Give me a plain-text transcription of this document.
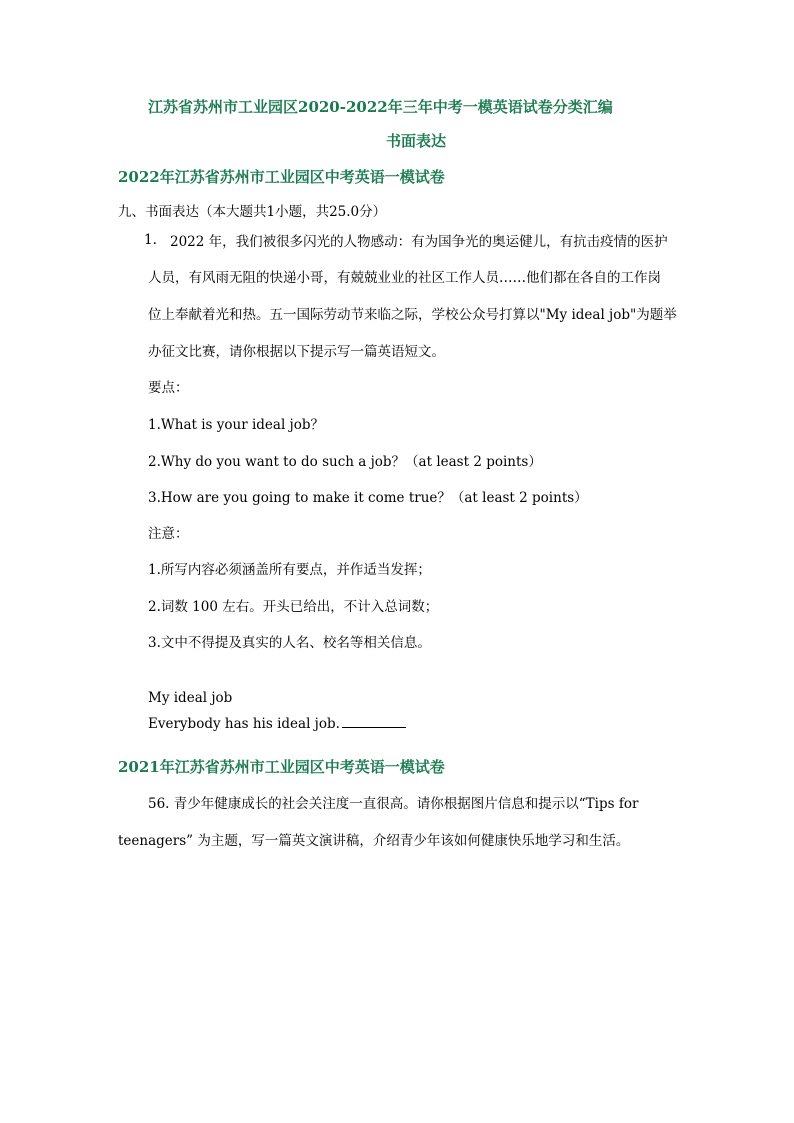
江苏省苏州市工业园区2020-2022年三年中考一模英语试卷分类汇编
书面表达
2022年江苏省苏州市工业园区中考英语一模试卷
九、书面表达（本大题共1小题，共25.0分）
1. 2022 年，我们被很多闪光的人物感动：有为国争光的奥运健儿，有抗击疫情的医护
人员，有风雨无阻的快递小哥，有兢兢业业的社区工作人员……他们都在各自的工作岗
位上奉献着光和热。五一国际劳动节来临之际，学校公众号打算以"My ideal job"为题举
办征文比赛，请你根据以下提示写一篇英语短文。
要点：
1.What is your ideal job？
2.Why do you want to do such a job？（at least 2 points）
3.How are you going to make it come true？（at least 2 points）
注意：
1.所写内容必须涵盖所有要点，并作适当发挥；
2.词数 100 左右。开头已给出，不计入总词数；
3.文中不得提及真实的人名、校名等相关信息。
My ideal job
Everybody has his ideal job.
2021年江苏省苏州市工业园区中考英语一模试卷
56. 青少年健康成长的社会关注度一直很高。请你根据图片信息和提示以“Tips for
teenagers” 为主题，写一篇英文演讲稿，介绍青少年该如何健康快乐地学习和生活。
